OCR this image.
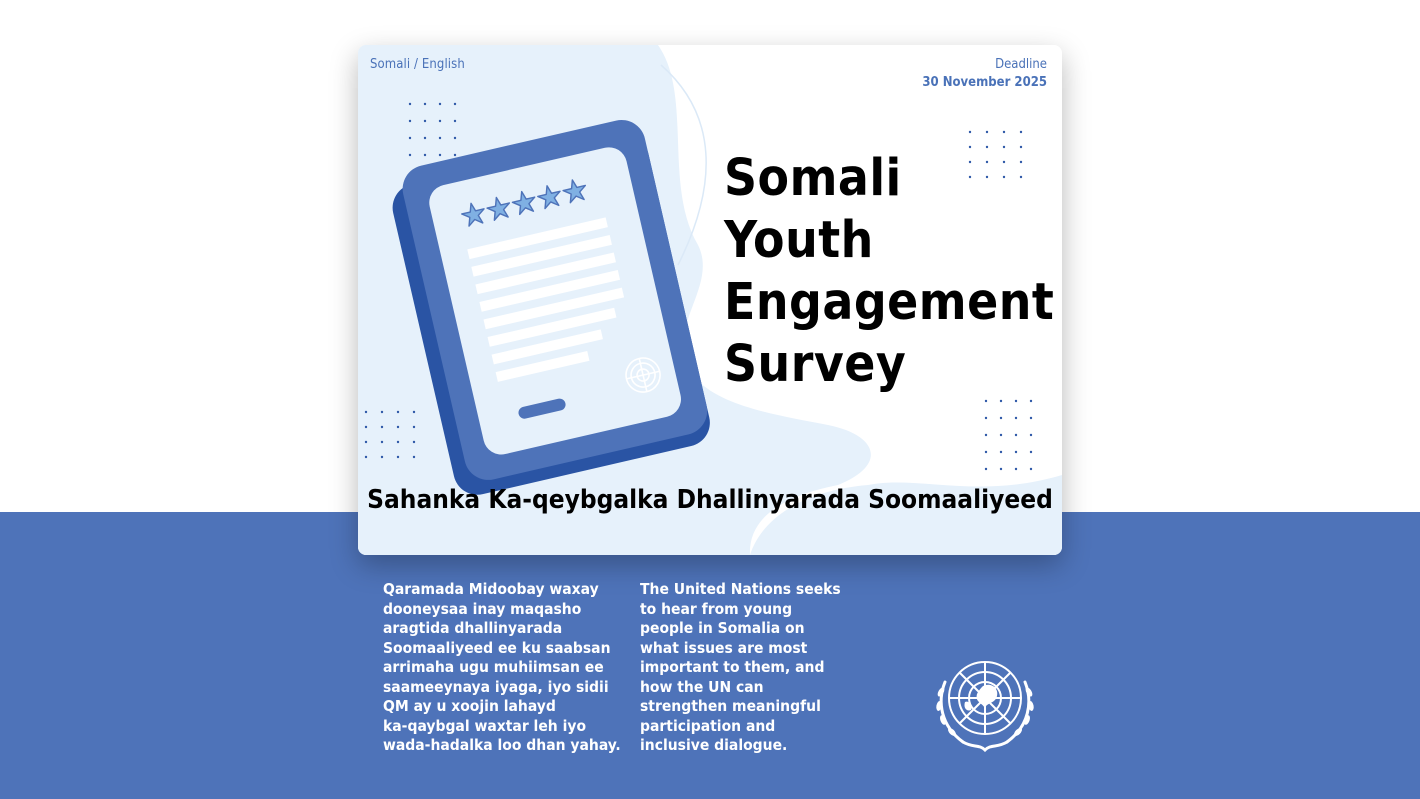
Somali / English	Deadline
30 November 2025
Somali
Youth
Engagement
Survey
Sahanka Ka-qeybgalka Dhallinyarada Soomaaliyeed
Qaramada Midoobay waxay
dooneysaa inay maqasho
aragtida dhallinyarada
Soomaaliyeed ee ku saabsan
arrimaha ugu muhiimsan ee
saameeynaya iyaga, iyo sidii
QM ay u xoojin lahayd
ka-qaybgal waxtar leh iyo
wada-hadalka loo dhan yahay.
The United Nations seeks
to hear from young
people in Somalia on
what issues are most
important to them, and
how the UN can
strengthen meaningful
participation and
inclusive dialogue.
